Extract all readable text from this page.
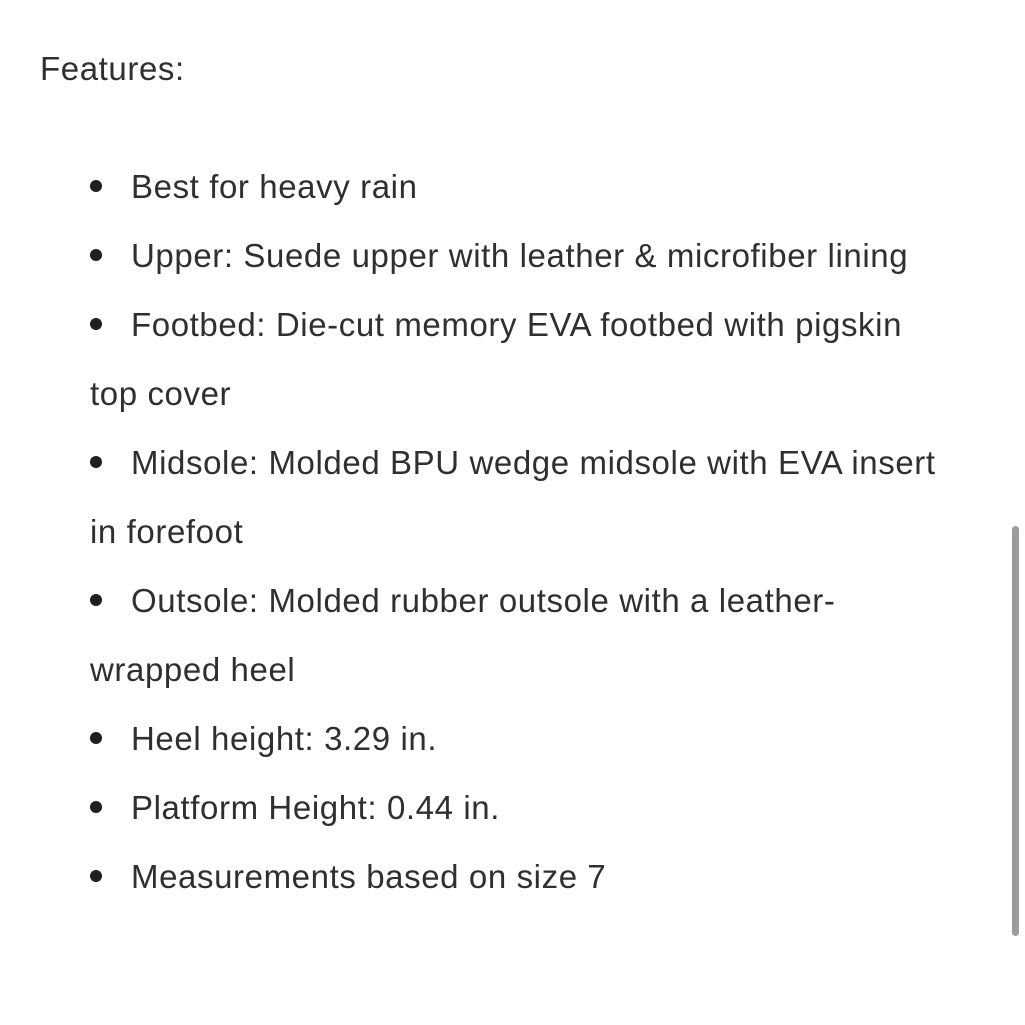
Features:

Best for heavy rain
Upper: Suede upper with leather & microfiber lining
Footbed: Die-cut memory EVA footbed with pigskin top cover
Midsole: Molded BPU wedge midsole with EVA insert in forefoot
Outsole: Molded rubber outsole with a leather-wrapped heel
Heel height: 3.29 in.
Platform Height: 0.44 in.
Measurements based on size 7
